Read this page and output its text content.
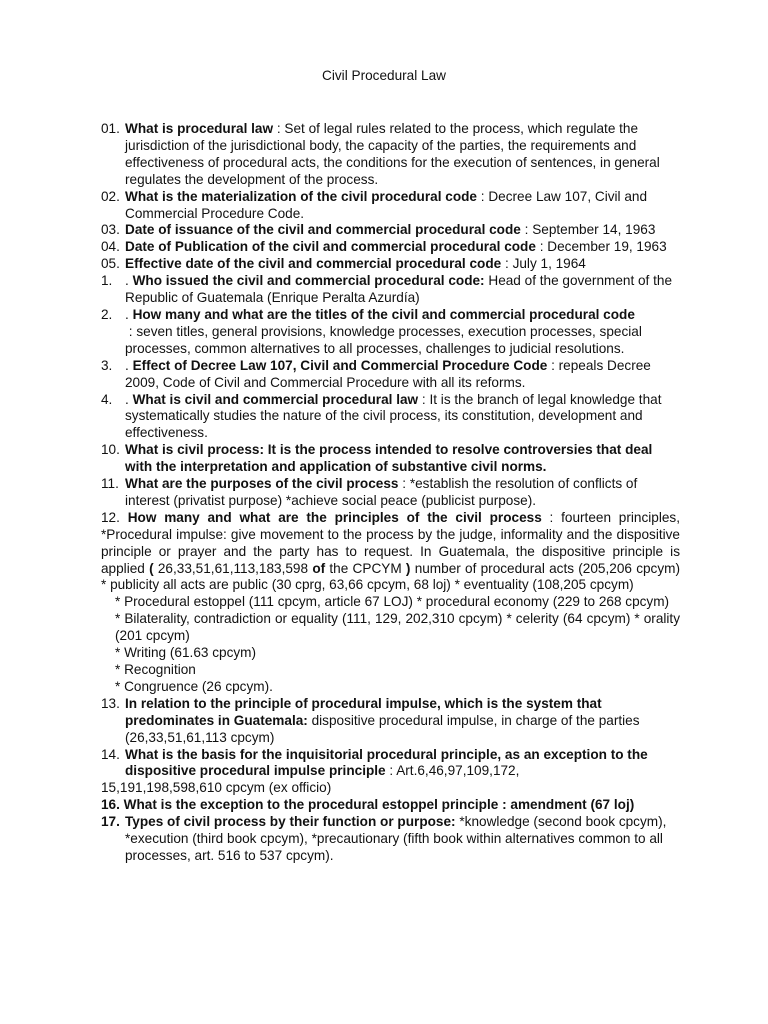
Civil Procedural Law
01. What is procedural law : Set of legal rules related to the process, which regulate the jurisdiction of the jurisdictional body, the capacity of the parties, the requirements and effectiveness of procedural acts, the conditions for the execution of sentences, in general regulates the development of the process.
02. What is the materialization of the civil procedural code : Decree Law 107, Civil and Commercial Procedure Code.
03. Date of issuance of the civil and commercial procedural code : September 14, 1963
04. Date of Publication of the civil and commercial procedural code : December 19, 1963
05. Effective date of the civil and commercial procedural code : July 1, 1964
1. . Who issued the civil and commercial procedural code: Head of the government of the Republic of Guatemala (Enrique Peralta Azurdía)
2. . How many and what are the titles of the civil and commercial procedural code : seven titles, general provisions, knowledge processes, execution processes, special processes, common alternatives to all processes, challenges to judicial resolutions.
3. . Effect of Decree Law 107, Civil and Commercial Procedure Code : repeals Decree 2009, Code of Civil and Commercial Procedure with all its reforms.
4. . What is civil and commercial procedural law : It is the branch of legal knowledge that systematically studies the nature of the civil process, its constitution, development and effectiveness.
10. What is civil process: It is the process intended to resolve controversies that deal with the interpretation and application of substantive civil norms.
11. What are the purposes of the civil process : *establish the resolution of conflicts of interest (privatist purpose) *achieve social peace (publicist purpose).
12. How many and what are the principles of the civil process : fourteen principles, *Procedural impulse: give movement to the process by the judge, informality and the dispositive principle or prayer and the party has to request. In Guatemala, the dispositive principle is applied ( 26,33,51,61,113,183,598 of the CPCYM ) number of procedural acts (205,206 cpcym) * publicity all acts are public (30 cprg, 63,66 cpcym, 68 loj) * eventuality (108,205 cpcym)
* Procedural estoppel (111 cpcym, article 67 LOJ) * procedural economy (229 to 268 cpcym)
* Bilaterality, contradiction or equality (111, 129, 202,310 cpcym) * celerity (64 cpcym) * orality (201 cpcym)
* Writing (61.63 cpcym)
* Recognition
* Congruence (26 cpcym).
13. In relation to the principle of procedural impulse, which is the system that predominates in Guatemala: dispositive procedural impulse, in charge of the parties (26,33,51,61,113 cpcym)
14. What is the basis for the inquisitorial procedural principle, as an exception to the dispositive procedural impulse principle : Art.6,46,97,109,172,
15,191,198,598,610 cpcym (ex officio)
16. What is the exception to the procedural estoppel principle : amendment (67 loj)
17. Types of civil process by their function or purpose: *knowledge (second book cpcym), *execution (third book cpcym), *precautionary (fifth book within alternatives common to all processes, art. 516 to 537 cpcym).
